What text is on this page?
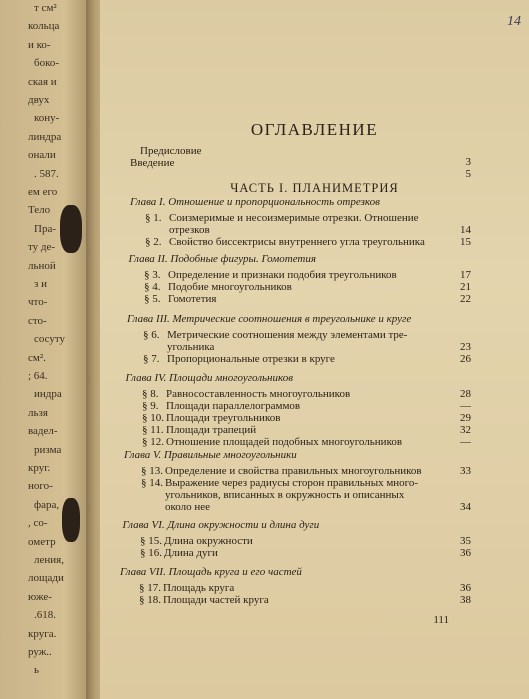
т см²
кольца
и ко-
боко-
ская и
двух
кону-
линдра
онали
. 587.
ем его
Тело
Пра-
ту де-
льной
з и
что-
сто-
сосуту
см².
; 64.
индра
льзя
вадел-
ризма
круг.
ного-
фара,
, со-
ометр
ления,
лощади
юже-
.618.
круга.
руж..
ь
14
ОГЛАВЛЕНИЕ
ЧАСТЬ I. ПЛАНИМЕТРИЯ
111
Предисловие
3
Введение
5
Глава I. Отношение и пропорциональность отрезков
§ 1. Соизмеримые и несоизмеримые отрезки. Отношение
отрезков	14
§ 2. Свойство биссектрисы внутреннего угла треугольника	15
Глава II. Подобные фигуры. Гомотетия
§ 3. Определение и признаки подобия треугольников	17
§ 4. Подобие многоугольников	21
§ 5. Гомотетия	22
Глава III. Метрические соотношения в треугольнике и круге
§ 6. Метрические соотношения между элементами тре-
угольника	23
§ 7. Пропорциональные отрезки в круге	26
Глава IV. Площади многоугольников
§ 8. Равносоставленность многоугольников	28
§ 9. Площади параллелограммов	—
§ 10. Площади треугольников	29
§ 11. Площади трапеций	32
§ 12. Отношение площадей подобных многоугольников	—
Глава V. Правильные многоугольники
§ 13. Определение и свойства правильных многоугольников	33
§ 14. Выражение через радиусы сторон правильных много-
угольников, вписанных в окружность и описанных
около нее	34
Глава VI. Длина окружности и длина дуги
§ 15. Длина окружности	35
§ 16. Длина дуги	36
Глава VII. Площадь круга и его частей
§ 17. Площадь круга	36
§ 18. Площади частей круга	38
